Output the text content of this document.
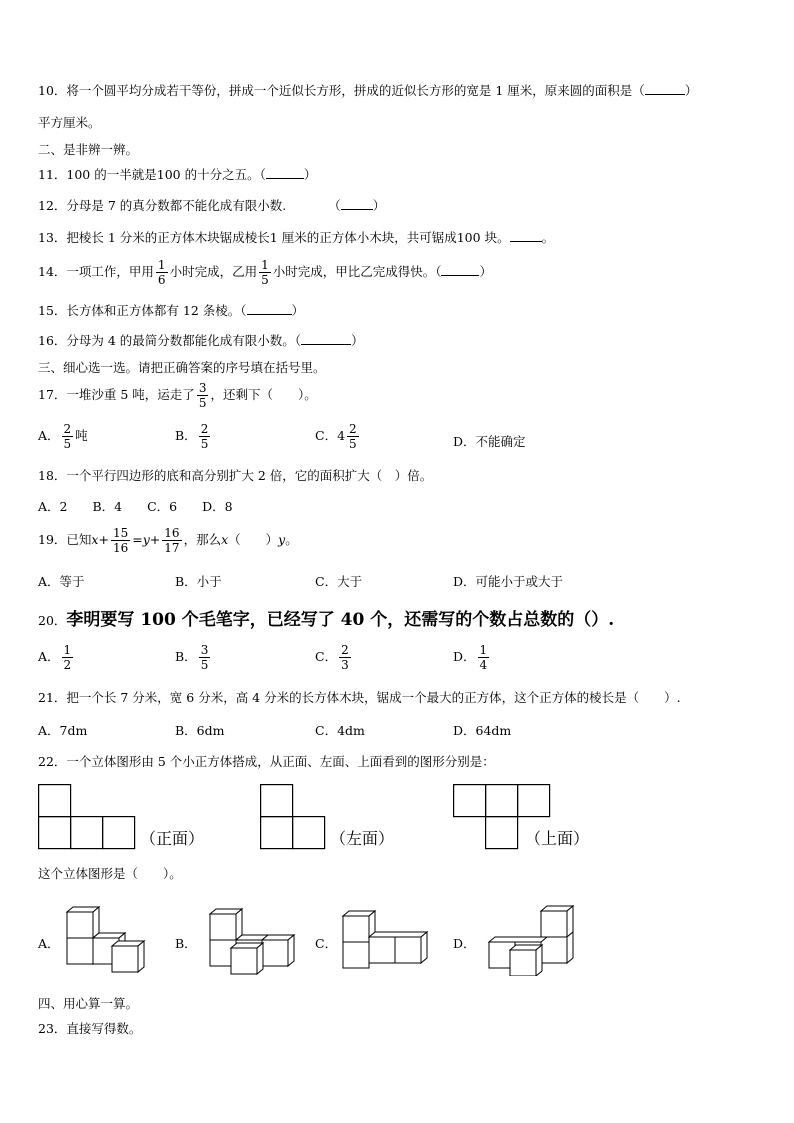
10．将一个圆平均分成若干等份，拼成一个近似长方形，拼成的近似长方形的宽是 1 厘米，原来圆的面积是（	）
平方厘米。
二、是非辨一辨。
11．100 的一半就是100 的十分之五。（	）
12．分母是 7 的真分数都不能化成有限小数.	（	）
13．把棱长 1 分米的正方体木块锯成棱长1 厘米的正方体小木块，共可锯成100 块。	。
14．一项工作，甲用 $\frac{1}{6}$ 小时完成，乙用 $\frac{1}{5}$ 小时完成，甲比乙完成得快。（	）
15．长方体和正方体都有 12 条棱。（	）
16．分母为 4 的最简分数都能化成有限小数。（	）
三、细心选一选。请把正确答案的序号填在括号里。
17．一堆沙重 5 吨，运走了 $\frac{3}{5}$ ，还剩下（　　）。
A． $\frac{2}{5}$ 吨	B． $\frac{2}{5}$	C．$4 \frac{2}{5}$	D．不能确定
18．一个平行四边形的底和高分别扩大 2 倍，它的面积扩大（　）倍。
A．2　　B．4　　C．6　　D．8
19．已知$x+ \frac{15}{16} =y+ \frac{16}{17}$ ，那么x（　　）y。
A．等于	B．小于	C．大于	D．可能小于或大于
20．李明要写 100 个毛笔字，已经写了 40 个，还需写的个数占总数的（）.
A． $\frac{1}{2}$	B． $\frac{3}{5}$	C． $\frac{2}{3}$	D． $\frac{1}{4}$
21．把一个长 7 分米，宽 6 分米，高 4 分米的长方体木块，锯成一个最大的正方体，这个正方体的棱长是（　　）.
A．7dm	B．6dm	C．4dm	D．64dm
22．一个立体图形由 5 个小正方体搭成，从正面、左面、上面看到的图形分别是：
（正面）	（左面）	（上面）
这个立体图形是（　　）。
A．	B．	C．	D．
四、用心算一算。
23．直接写得数。
